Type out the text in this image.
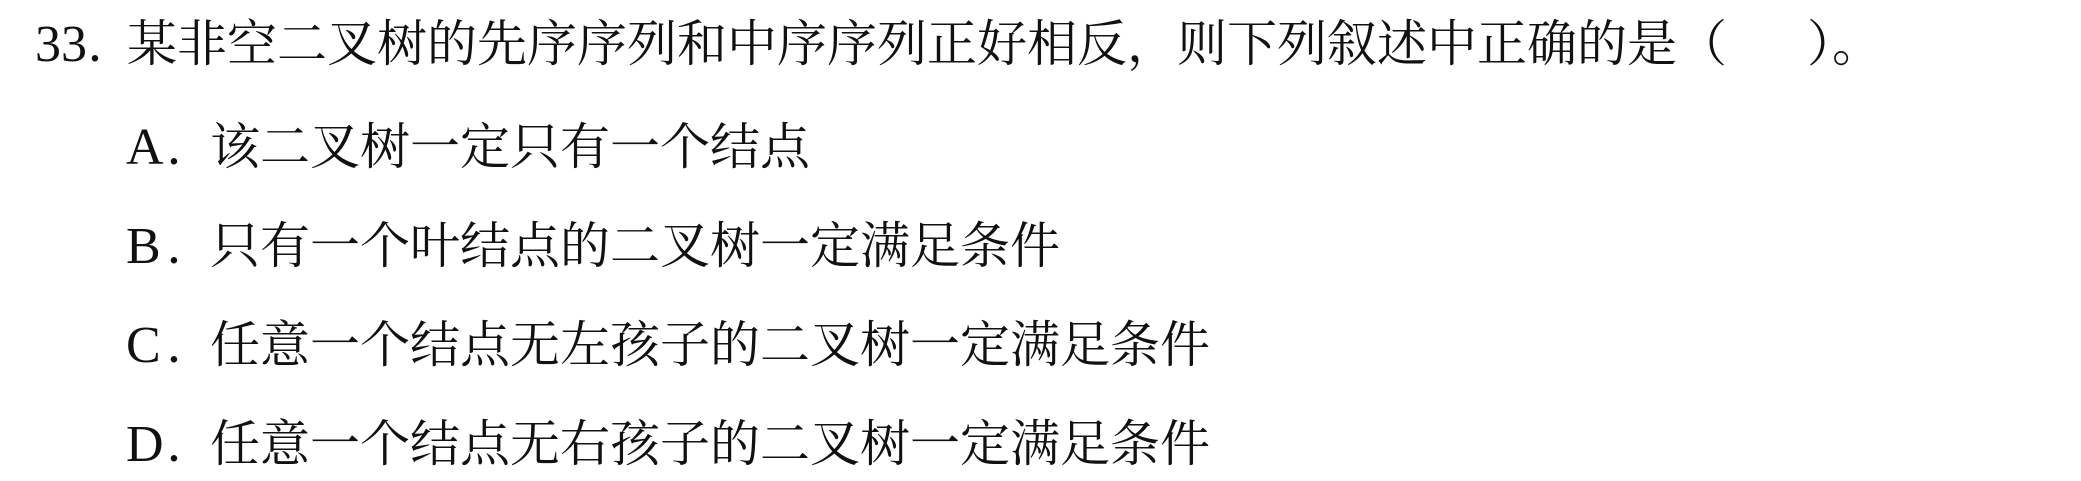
33. 某非空二叉树的先序序列和中序序列正好相反，则下列叙述中正确的是（ ）。
A. 该二叉树一定只有一个结点
B . 只有一个叶结点的二叉树一定满足条件
C . 任意一个结点无左孩子的二叉树一定满足条件
D. 任意一个结点无右孩子的二叉树一定满足条件
